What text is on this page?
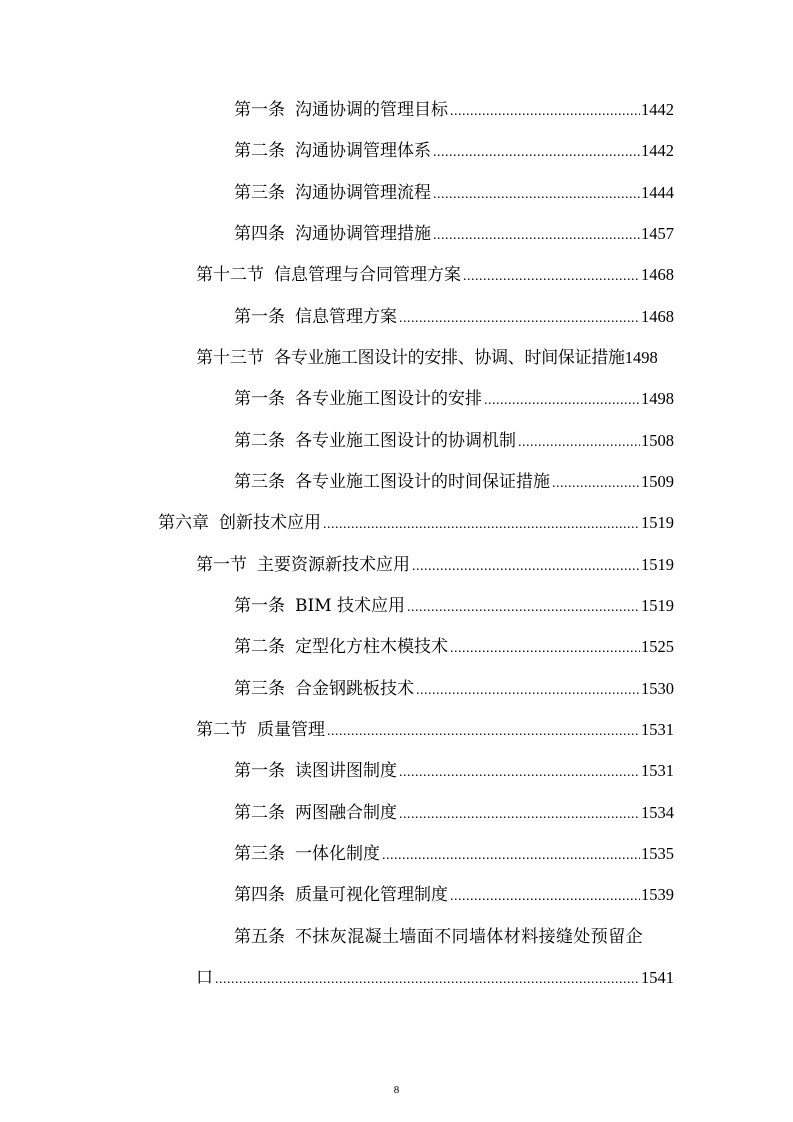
第一条 沟通协调的管理目标 .....	1442
第二条 沟通协调管理体系 .....	1442
第三条 沟通协调管理流程 .....	1444
第四条 沟通协调管理措施 .....	1457
第十二节 信息管理与合同管理方案 .....	1468
第一条 信息管理方案 .....	1468
第十三节 各专业施工图设计的安排、协调、时间保证措施 1498
第一条 各专业施工图设计的安排 .....	1498
第二条 各专业施工图设计的协调机制 .....	1508
第三条 各专业施工图设计的时间保证措施 .....	1509
第六章 创新技术应用 .....	1519
第一节 主要资源新技术应用 .....	1519
第一条 BIM 技术应用 .....	1519
第二条 定型化方柱木模技术 .....	1525
第三条 合金钢跳板技术 .....	1530
第二节 质量管理 .....	1531
第一条 读图讲图制度 .....	1531
第二条 两图融合制度 .....	1534
第三条 一体化制度 .....	1535
第四条 质量可视化管理制度 .....	1539
第五条 不抹灰混凝土墙面不同墙体材料接缝处预留企
口 .....	1541
8
